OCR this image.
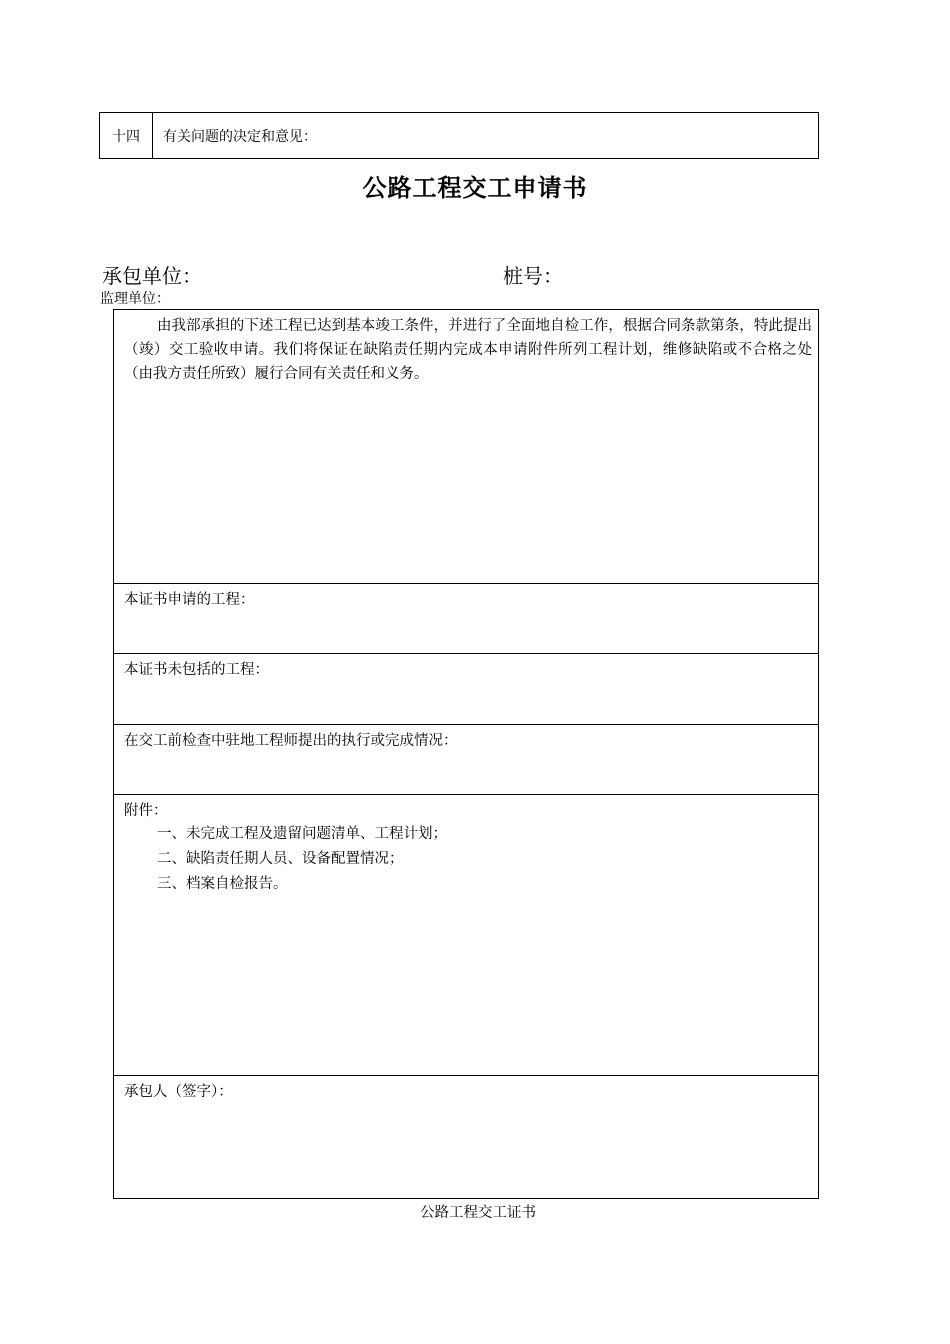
十四	有关问题的决定和意见：
公路工程交工申请书
承包单位：	桩号：
监理单位：
由我部承担的下述工程已达到基本竣工条件，并进行了全面地自检工作，根据合同条款第条，特此提出（竣）交工验收申请。我们将保证在缺陷责任期内完成本申请附件所列工程计划，维修缺陷或不合格之处（由我方责任所致）履行合同有关责任和义务。
本证书申请的工程：
本证书未包括的工程：
在交工前检查中驻地工程师提出的执行或完成情况：
附件：
一、未完成工程及遗留问题清单、工程计划；
二、缺陷责任期人员、设备配置情况；
三、档案自检报告。
承包人（签字）：
公路工程交工证书
